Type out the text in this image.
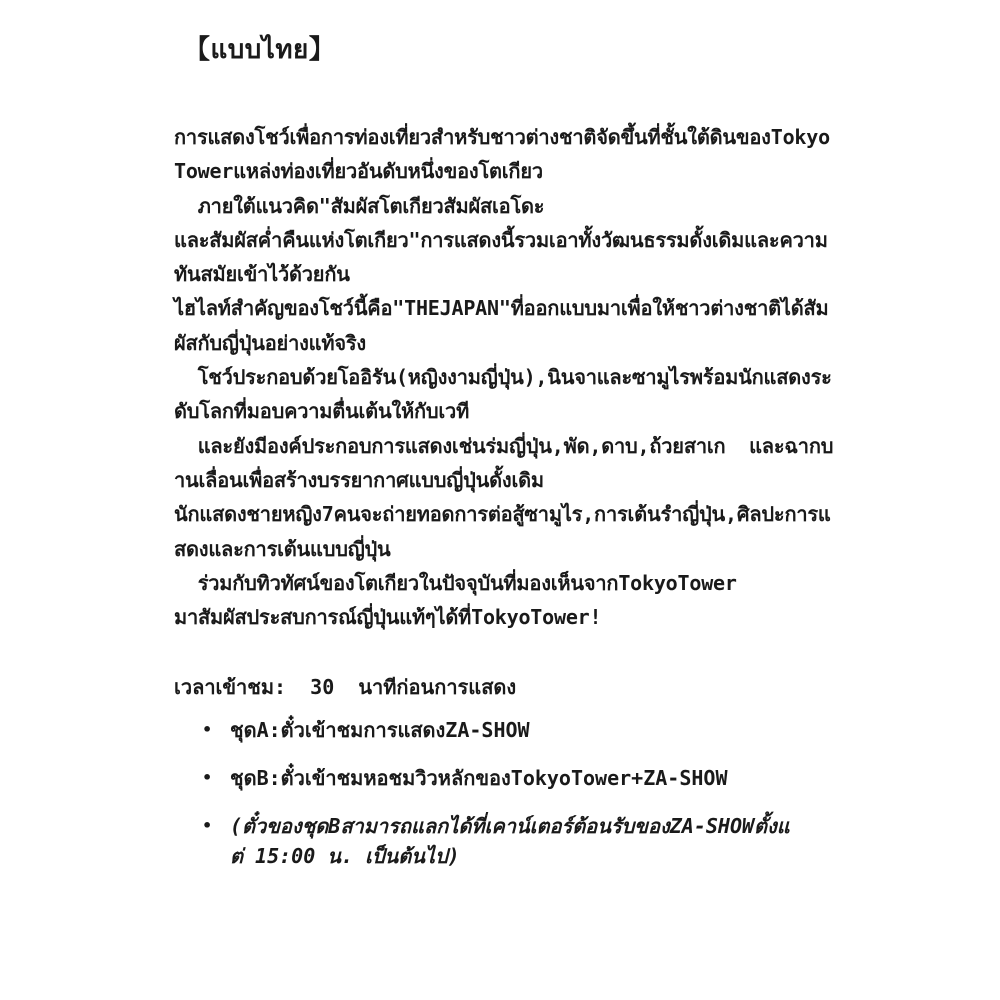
【แบบไทย】

การแสดงโชว์เพื่อการท่องเที่ยวสำหรับชาวต่างชาติจัดขึ้นที่ชั้นใต้ดินของTokyoTowerแหล่งท่องเที่ยวอันดับหนึ่งของโตเกียว

ภายใต้แนวคิด"สัมผัสโตเกียวสัมผัสเอโดะ

และสัมผัสค่ำคืนแห่งโตเกียว"การแสดงนี้รวมเอาทั้งวัฒนธรรมดั้งเดิมและความทันสมัยเข้าไว้ด้วยกัน

ไฮไลท์สำคัญของโชว์นี้คือ"THEJAPAN"ที่ออกแบบมาเพื่อให้ชาวต่างชาติได้สัมผัสกับญี่ปุ่นอย่างแท้จริง

โชว์ประกอบด้วยโออิรัน(หญิงงามญี่ปุ่น),นินจาและซามูไรพร้อมนักแสดงระดับโลกที่มอบความตื่นเต้นให้กับเวที

และยังมีองค์ประกอบการแสดงเช่นร่มญี่ปุ่น,พัด,ดาบ,ถ้วยสาเก  และฉากบานเลื่อนเพื่อสร้างบรรยากาศแบบญี่ปุ่นดั้งเดิม

นักแสดงชายหญิง7คนจะถ่ายทอดการต่อสู้ซามูไร,การเต้นรำญี่ปุ่น,ศิลปะการแสดงและการเต้นแบบญี่ปุ่น

ร่วมกับทิวทัศน์ของโตเกียวในปัจจุบันที่มองเห็นจากTokyoTower

มาสัมผัสประสบการณ์ญี่ปุ่นแท้ๆได้ที่TokyoTower!

เวลาเข้าชม:  30  นาทีก่อนการแสดง

• ชุดA:ตั๋วเข้าชมการแสดงZA-SHOW
• ชุดB:ตั๋วเข้าชมหอชมวิวหลักของTokyoTower+ZA-SHOW
• (ตั๋วของชุดBสามารถแลกได้ที่เคาน์เตอร์ต้อนรับของZA-SHOWตั้งแต่ 15:00 น. เป็นต้นไป)
